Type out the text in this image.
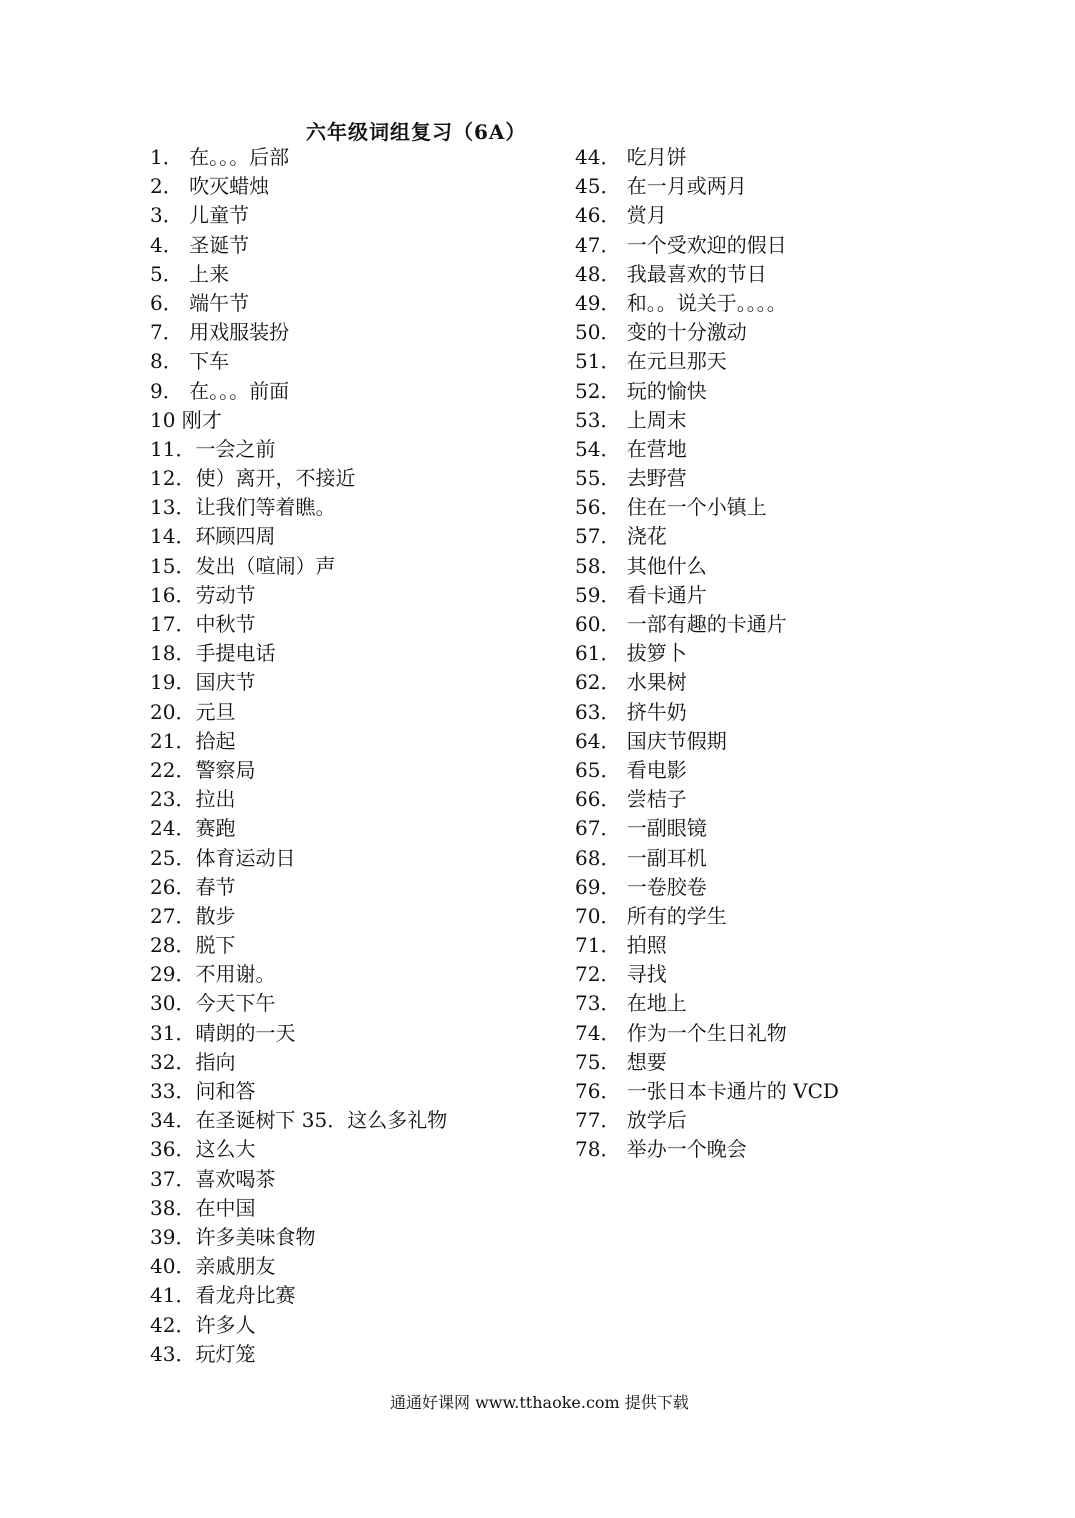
六年级词组复习（6A）
1． 在。。。后部
2． 吹灭蜡烛
3． 儿童节
4． 圣诞节
5． 上来
6． 端午节
7． 用戏服装扮
8． 下车
9． 在。。。前面
10 刚才
11．一会之前
12．使）离开，不接近
13．让我们等着瞧。
14．环顾四周
15．发出（喧闹）声
16．劳动节
17．中秋节
18．手提电话
19．国庆节
20．元旦
21．拾起
22．警察局
23．拉出
24．赛跑
25．体育运动日
26．春节
27．散步
28．脱下
29．不用谢。
30．今天下午
31．晴朗的一天
32．指向
33．问和答
34．在圣诞树下 35．这么多礼物
36．这么大
37．喜欢喝茶
38．在中国
39．许多美味食物
40．亲戚朋友
41．看龙舟比赛
42．许多人
43．玩灯笼
44． 吃月饼
45． 在一月或两月
46． 赏月
47． 一个受欢迎的假日
48． 我最喜欢的节日
49． 和。。说关于。。。。
50． 变的十分激动
51． 在元旦那天
52． 玩的愉快
53． 上周末
54． 在营地
55． 去野营
56． 住在一个小镇上
57． 浇花
58． 其他什么
59． 看卡通片
60． 一部有趣的卡通片
61． 拔箩卜
62． 水果树
63． 挤牛奶
64． 国庆节假期
65． 看电影
66． 尝桔子
67． 一副眼镜
68． 一副耳机
69． 一卷胶卷
70． 所有的学生
71． 拍照
72． 寻找
73． 在地上
74． 作为一个生日礼物
75． 想要
76． 一张日本卡通片的 VCD
77． 放学后
78． 举办一个晚会
通通好课网 www.tthaoke.com 提供下载
